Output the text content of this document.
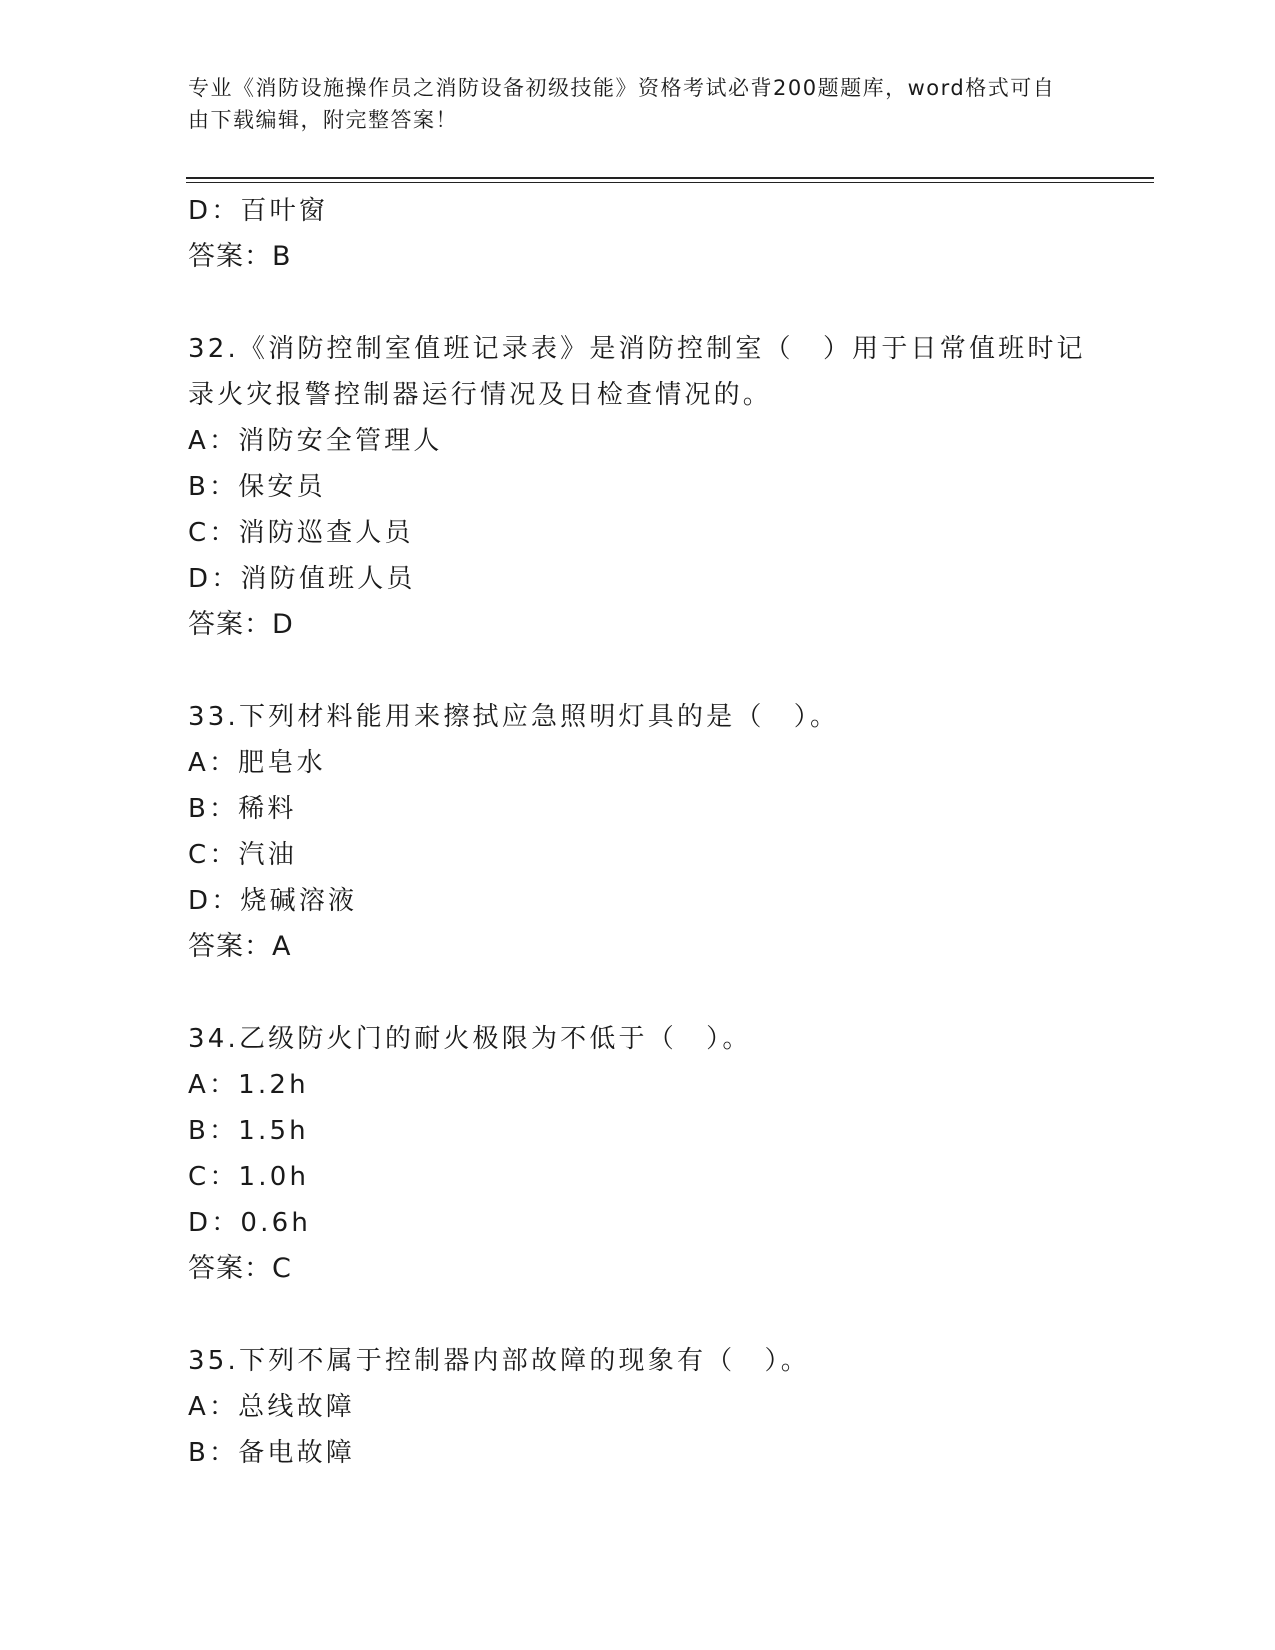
专业《消防设施操作员之消防设备初级技能》资格考试必背200题题库，word格式可自由下载编辑，附完整答案！
D：百叶窗
答案：B
32.《消防控制室值班记录表》是消防控制室（　）用于日常值班时记
录火灾报警控制器运行情况及日检查情况的。
A：消防安全管理人
B：保安员
C：消防巡查人员
D：消防值班人员
答案：D
33.下列材料能用来擦拭应急照明灯具的是（　）。
A：肥皂水
B：稀料
C：汽油
D：烧碱溶液
答案：A
34.乙级防火门的耐火极限为不低于（　）。
A：1.2h
B：1.5h
C：1.0h
D：0.6h
答案：C
35.下列不属于控制器内部故障的现象有（　）。
A：总线故障
B：备电故障
